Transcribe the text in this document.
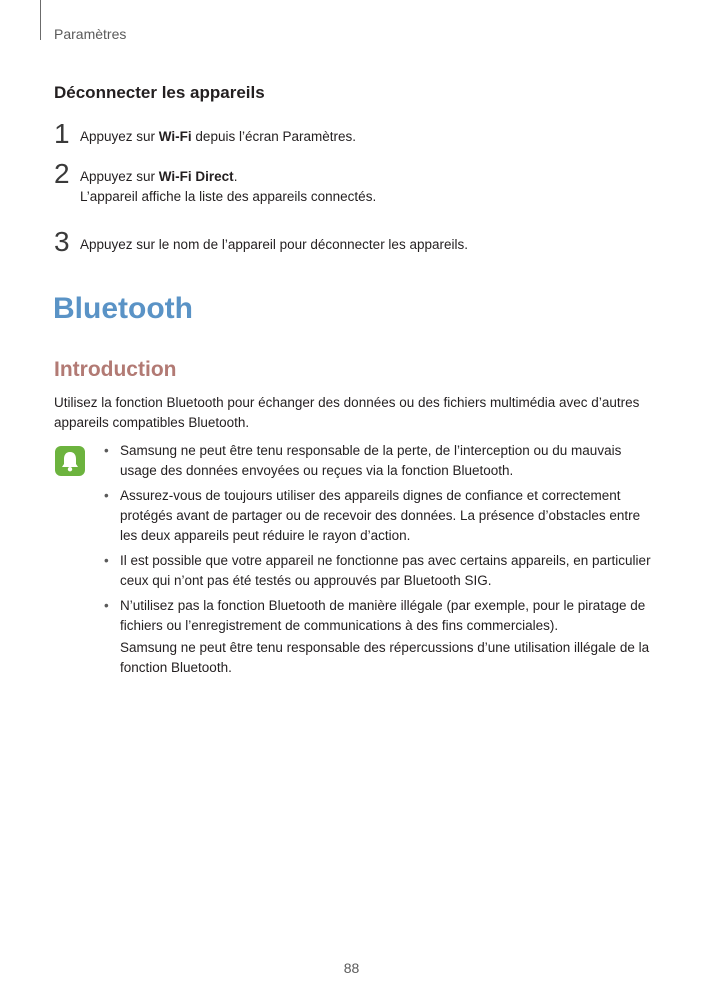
Paramètres
Déconnecter les appareils
1 Appuyez sur Wi-Fi depuis l’écran Paramètres.
2 Appuyez sur Wi-Fi Direct.
L’appareil affiche la liste des appareils connectés.
3 Appuyez sur le nom de l’appareil pour déconnecter les appareils.
Bluetooth
Introduction
Utilisez la fonction Bluetooth pour échanger des données ou des fichiers multimédia avec d’autres appareils compatibles Bluetooth.
• Samsung ne peut être tenu responsable de la perte, de l’interception ou du mauvais usage des données envoyées ou reçues via la fonction Bluetooth.
• Assurez-vous de toujours utiliser des appareils dignes de confiance et correctement protégés avant de partager ou de recevoir des données. La présence d’obstacles entre les deux appareils peut réduire le rayon d’action.
• Il est possible que votre appareil ne fonctionne pas avec certains appareils, en particulier ceux qui n’ont pas été testés ou approuvés par Bluetooth SIG.
• N’utilisez pas la fonction Bluetooth de manière illégale (par exemple, pour le piratage de fichiers ou l’enregistrement de communications à des fins commerciales).
Samsung ne peut être tenu responsable des répercussions d’une utilisation illégale de la fonction Bluetooth.
88
